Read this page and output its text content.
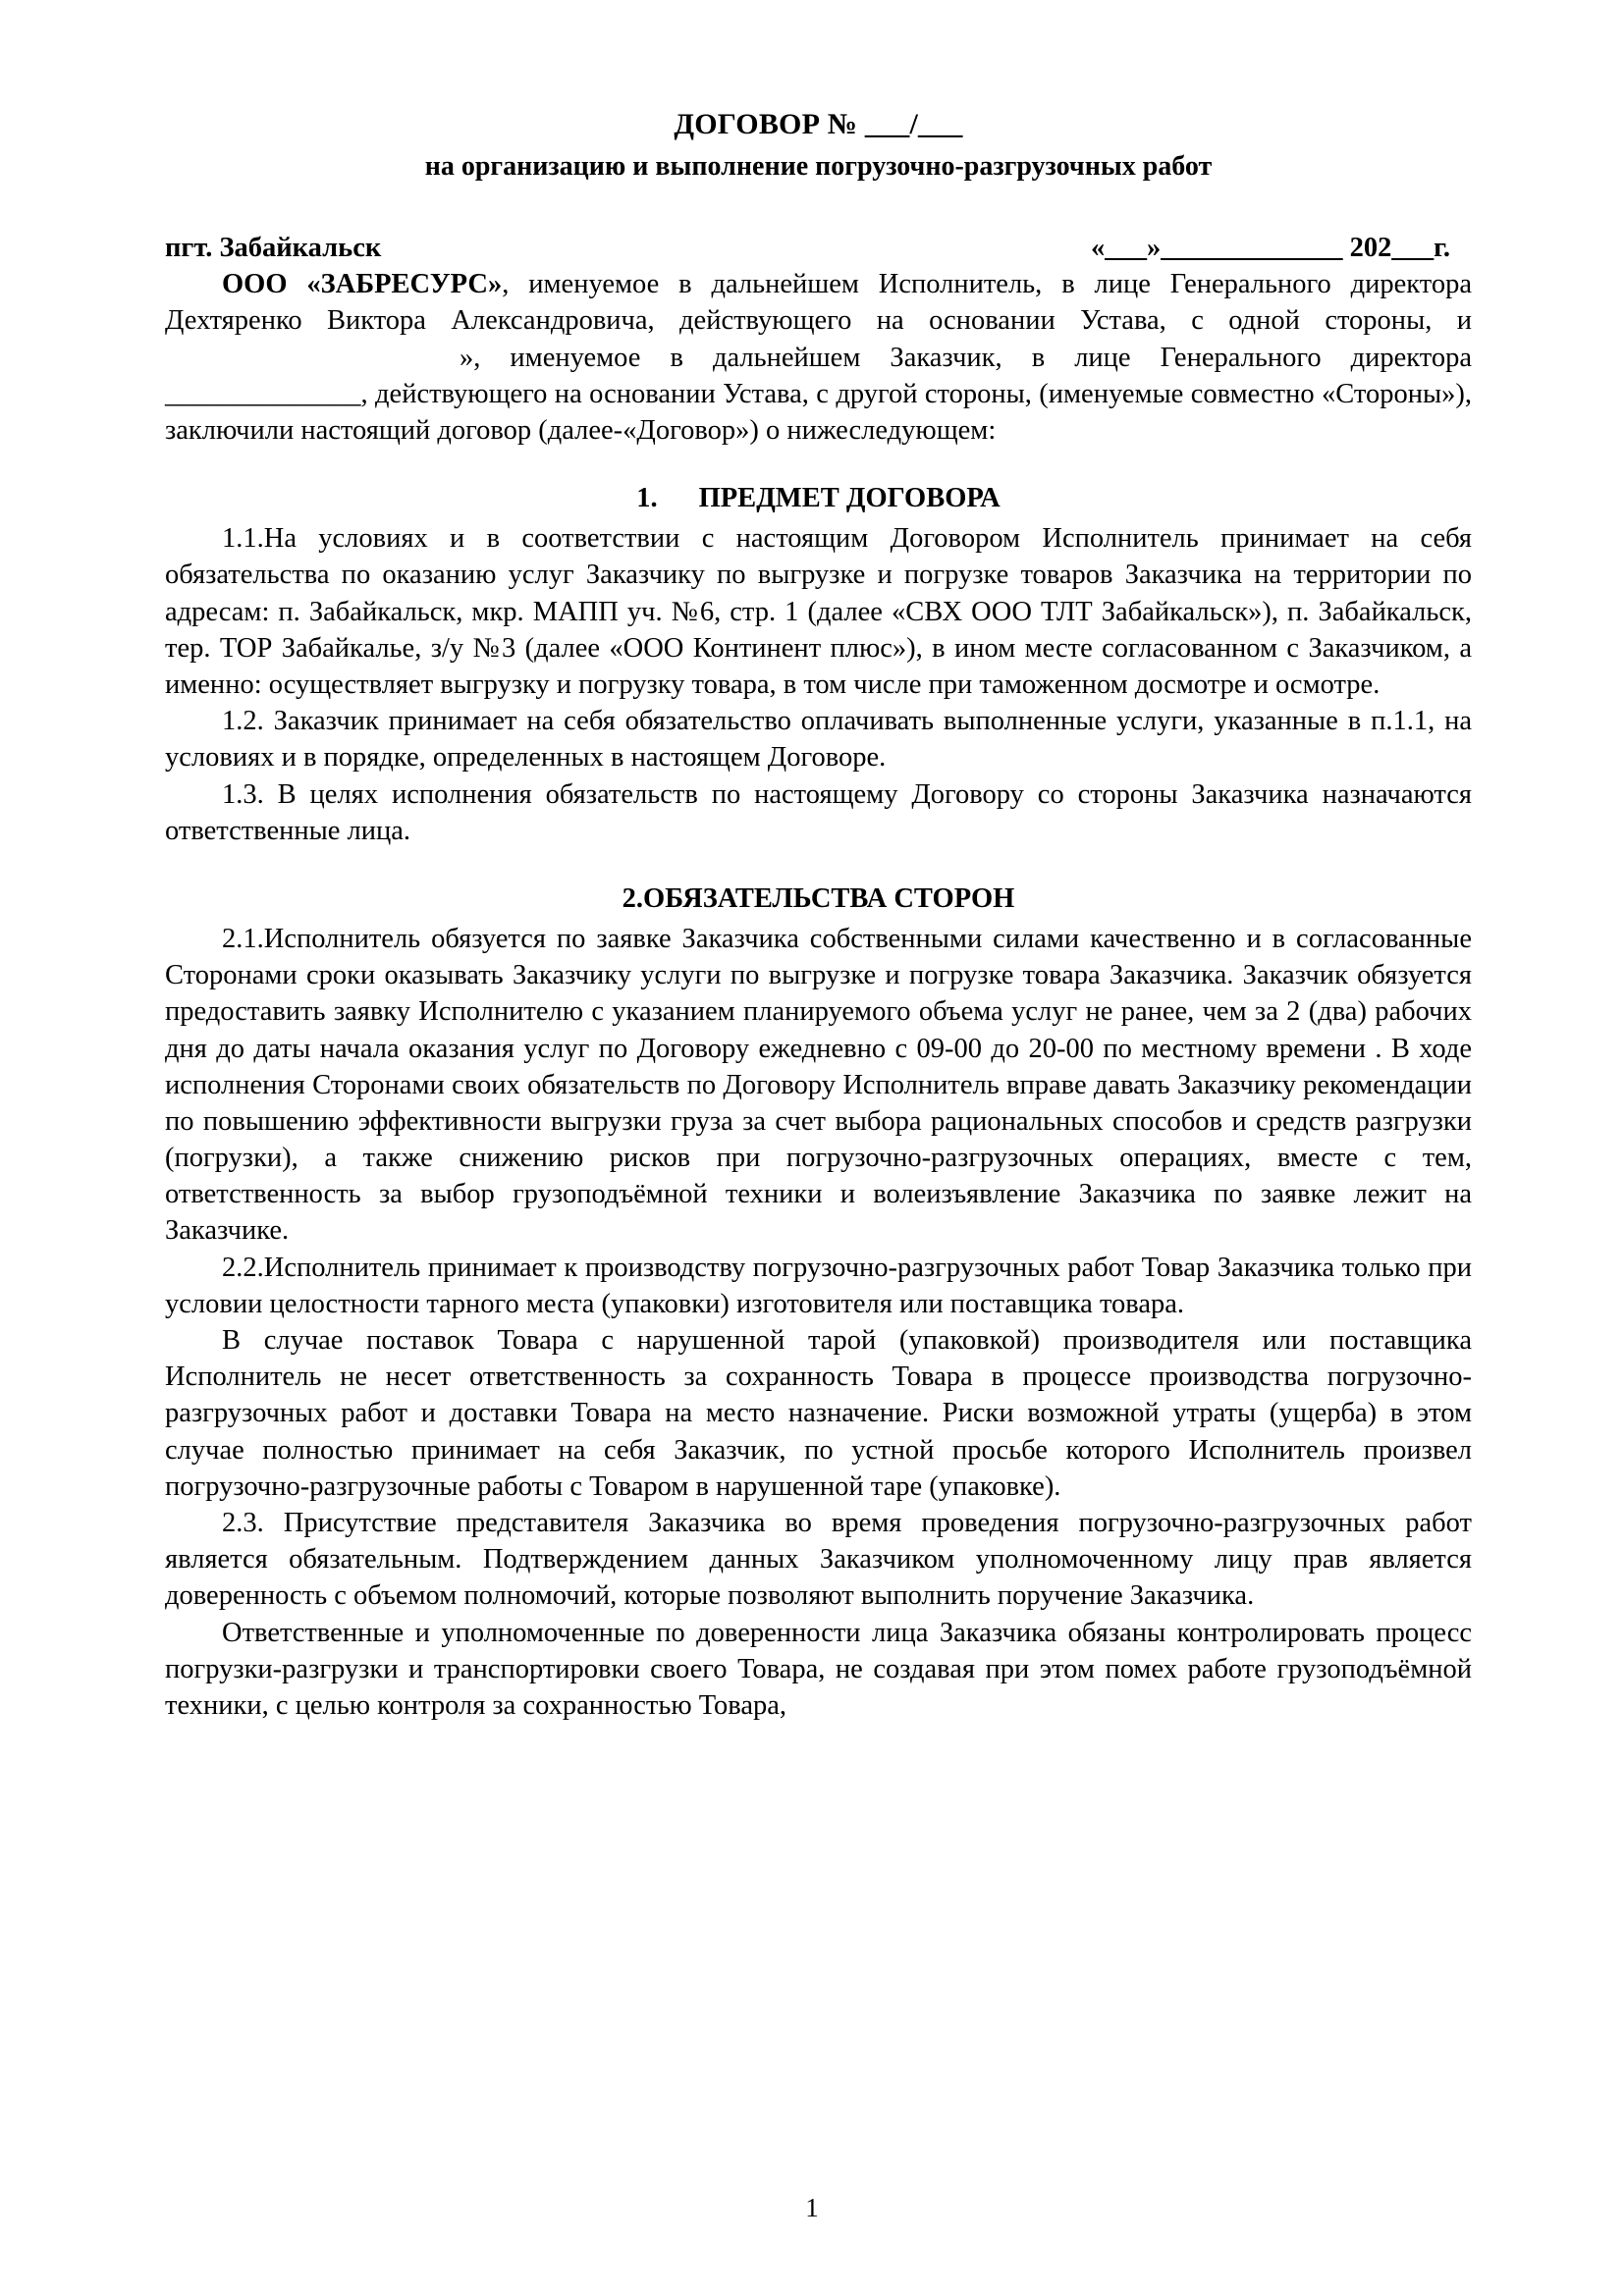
ДОГОВОР № ___/___
на организацию и выполнение погрузочно-разгрузочных работ
пгт. Забайкальск	«___»_____________ 202___г.

ООО «ЗАБРЕСУРС», именуемое в дальнейшем Исполнитель, в лице Генерального директора Дехтяренко Виктора Александровича, действующего на основании Устава, с одной стороны, и», именуемое в дальнейшем Заказчик, в лице Генерального директора ______________, действующего на основании Устава, с другой стороны, (именуемые совместно «Стороны»), заключили настоящий договор (далее-«Договор») о нижеследующем:

1. ПРЕДМЕТ ДОГОВОРА

1.1.На условиях и в соответствии с настоящим Договором Исполнитель принимает на себя обязательства по оказанию услуг Заказчику по выгрузке и погрузке товаров Заказчика на территории по адресам: п. Забайкальск, мкр. МАПП уч. №6, стр. 1 (далее «СВХ ООО ТЛТ Забайкальск»), п. Забайкальск, тер. ТОР Забайкалье, з/у №3 (далее «ООО Континент плюс»), в ином месте согласованном с Заказчиком, а именно: осуществляет выгрузку и погрузку товара, в том числе при таможенном досмотре и осмотре.

1.2. Заказчик принимает на себя обязательство оплачивать выполненные услуги, указанные в п.1.1, на условиях и в порядке, определенных в настоящем Договоре.

1.3. В целях исполнения обязательств по настоящему Договору со стороны Заказчика назначаются ответственные лица.

2.ОБЯЗАТЕЛЬСТВА СТОРОН

2.1.Исполнитель обязуется по заявке Заказчика собственными силами качественно и в согласованные Сторонами сроки оказывать Заказчику услуги по выгрузке и погрузке товара Заказчика. Заказчик обязуется предоставить заявку Исполнителю с указанием планируемого объема услуг не ранее, чем за 2 (два) рабочих дня до даты начала оказания услуг по Договору ежедневно с 09-00 до 20-00 по местному времени . В ходе исполнения Сторонами своих обязательств по Договору Исполнитель вправе давать Заказчику рекомендации по повышению эффективности выгрузки груза за счет выбора рациональных способов и средств разгрузки (погрузки), а также снижению рисков при погрузочно-разгрузочных операциях, вместе с тем, ответственность за выбор грузоподъёмной техники и волеизъявление Заказчика по заявке лежит на Заказчике.

2.2.Исполнитель принимает к производству погрузочно-разгрузочных работ Товар Заказчика только при условии целостности тарного места (упаковки) изготовителя или поставщика товара.

В случае поставок Товара с нарушенной тарой (упаковкой) производителя или поставщика Исполнитель не несет ответственность за сохранность Товара в процессе производства погрузочно-разгрузочных работ и доставки Товара на место назначение. Риски возможной утраты (ущерба) в этом случае полностью принимает на себя Заказчик, по устной просьбе которого Исполнитель произвел погрузочно-разгрузочные работы с Товаром в нарушенной таре (упаковке).

2.3. Присутствие представителя Заказчика во время проведения погрузочно-разгрузочных работ является обязательным. Подтверждением данных Заказчиком уполномоченному лицу прав является доверенность с объемом полномочий, которые позволяют выполнить поручение Заказчика.

Ответственные и уполномоченные по доверенности лица Заказчика обязаны контролировать процесс погрузки-разгрузки и транспортировки своего Товара, не создавая при этом помех работе грузоподъёмной техники, с целью контроля за сохранностью Товара,

1
